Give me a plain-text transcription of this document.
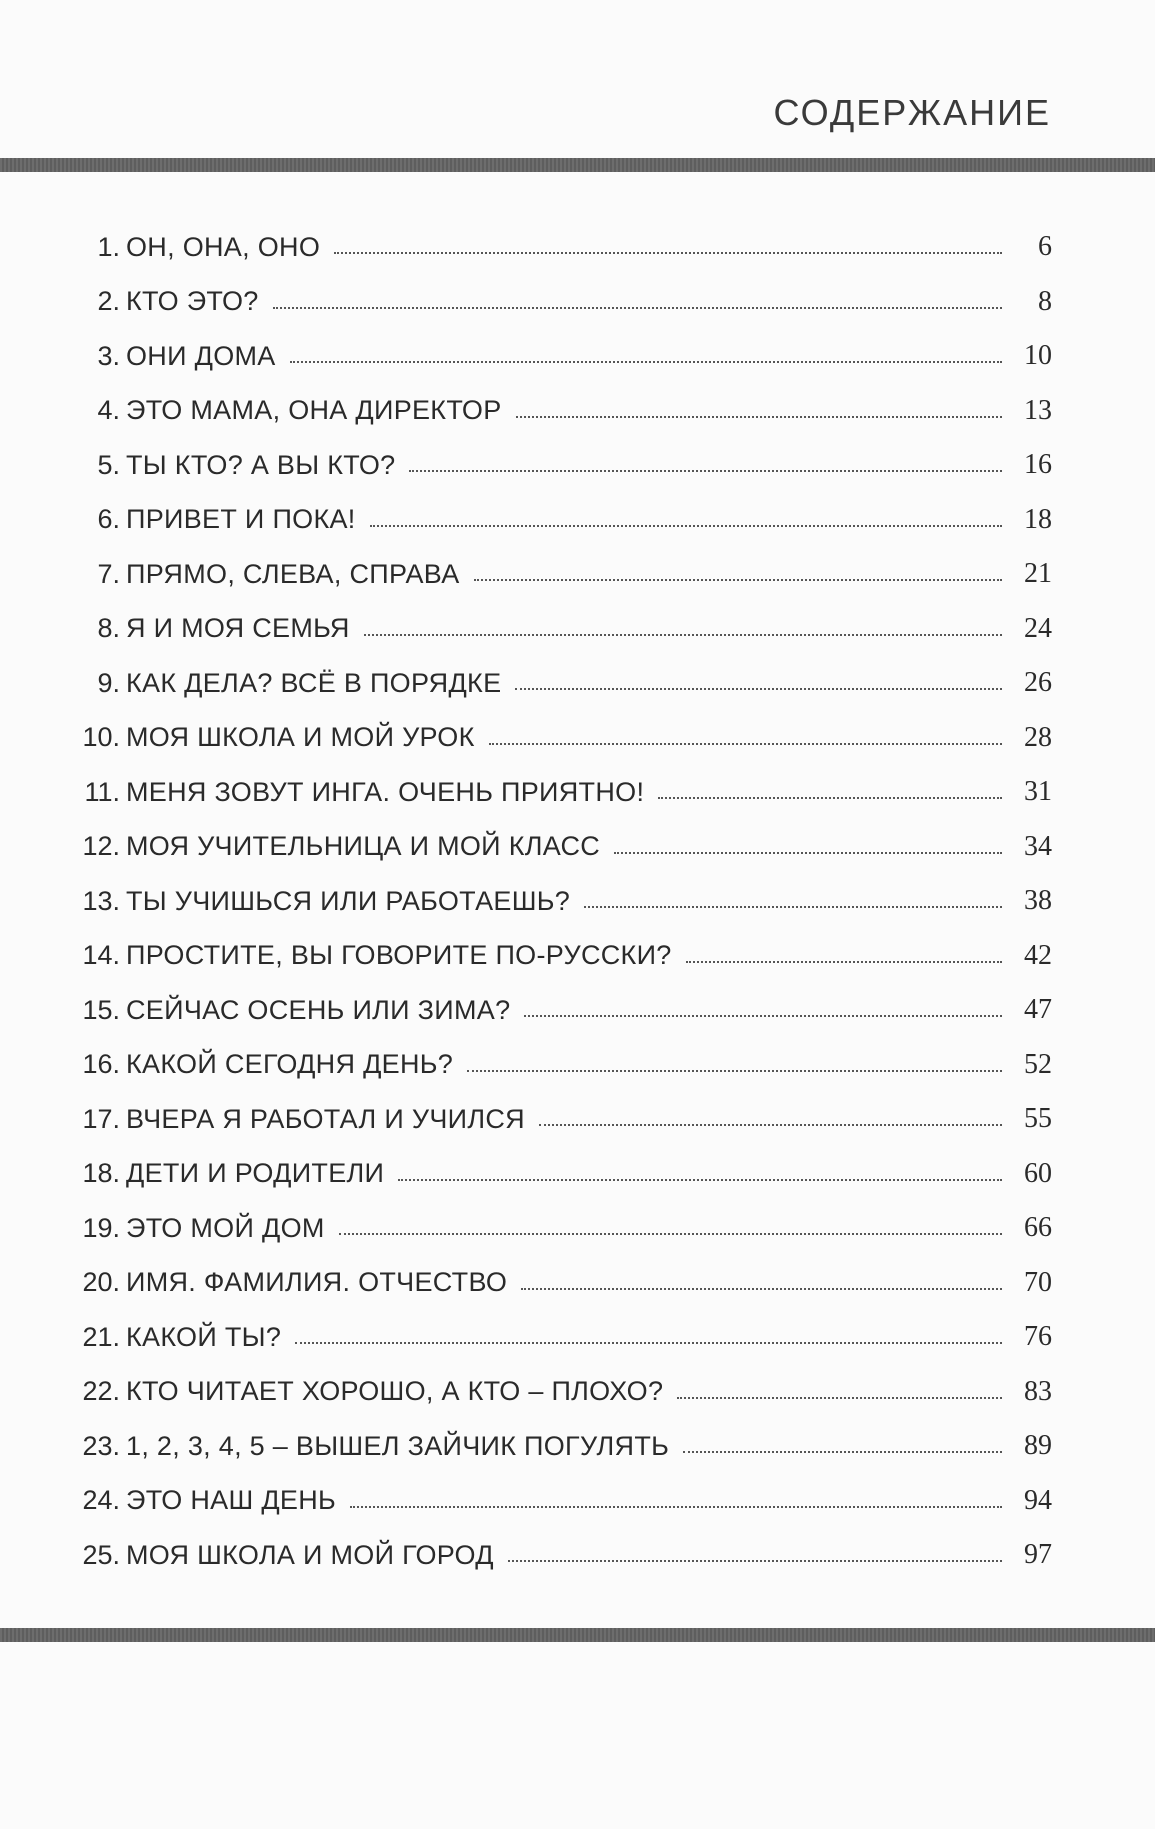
СОДЕРЖАНИЕ
1. ОН, ОНА, ОНО	6
2. КТО ЭТО?	8
3. ОНИ ДОМА	10
4. ЭТО МАМА, ОНА ДИРЕКТОР	13
5. ТЫ КТО? А ВЫ КТО?	16
6. ПРИВЕТ И ПОКА!	18
7. ПРЯМО, СЛЕВА, СПРАВА	21
8. Я И МОЯ СЕМЬЯ	24
9. КАК ДЕЛА? ВСЁ В ПОРЯДКЕ	26
10. МОЯ ШКОЛА И МОЙ УРОК	28
11. МЕНЯ ЗОВУТ ИНГА. ОЧЕНЬ ПРИЯТНО!	31
12. МОЯ УЧИТЕЛЬНИЦА И МОЙ КЛАСС	34
13. ТЫ УЧИШЬСЯ ИЛИ РАБОТАЕШЬ?	38
14. ПРОСТИТЕ, ВЫ ГОВОРИТЕ ПО-РУССКИ?	42
15. СЕЙЧАС ОСЕНЬ ИЛИ ЗИМА?	47
16. КАКОЙ СЕГОДНЯ ДЕНЬ?	52
17. ВЧЕРА Я РАБОТАЛ И УЧИЛСЯ	55
18. ДЕТИ И РОДИТЕЛИ	60
19. ЭТО МОЙ ДОМ	66
20. ИМЯ. ФАМИЛИЯ. ОТЧЕСТВО	70
21. КАКОЙ ТЫ?	76
22. КТО ЧИТАЕТ ХОРОШО, А КТО – ПЛОХО?	83
23. 1, 2, 3, 4, 5 – ВЫШЕЛ ЗАЙЧИК ПОГУЛЯТЬ	89
24. ЭТО НАШ ДЕНЬ	94
25. МОЯ ШКОЛА И МОЙ ГОРОД	97
